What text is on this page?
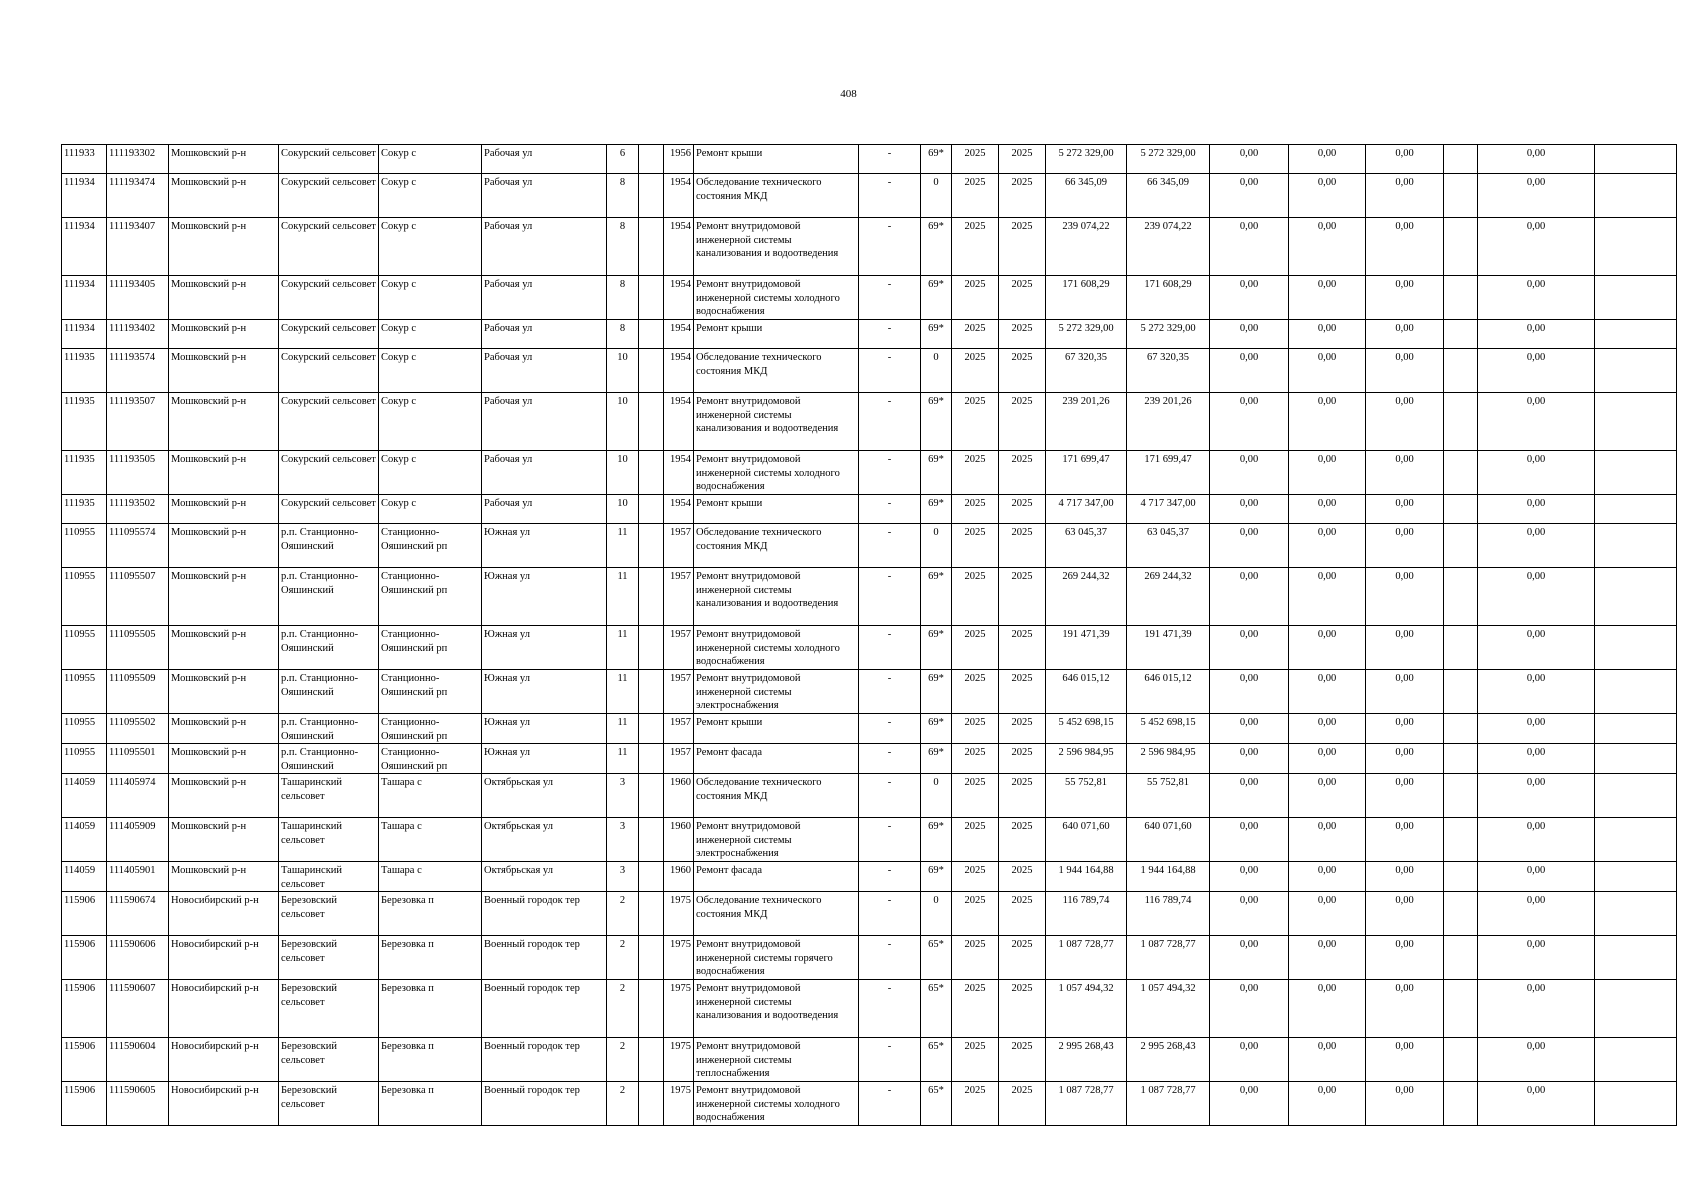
408
111933	111193302	Мошковский р-н	Сокурский сельсовет	Сокур с	Рабочая ул	6		1956	Ремонт крыши	-	69*	2025	2025	5 272 329,00	5 272 329,00	0,00	0,00	0,00		0,00	
111934	111193474	Мошковский р-н	Сокурский сельсовет	Сокур с	Рабочая ул	8		1954	Обследование технического состояния МКД	-	0	2025	2025	66 345,09	66 345,09	0,00	0,00	0,00		0,00	
111934	111193407	Мошковский р-н	Сокурский сельсовет	Сокур с	Рабочая ул	8		1954	Ремонт внутридомовой инженерной системы канализования и водоотведения	-	69*	2025	2025	239 074,22	239 074,22	0,00	0,00	0,00		0,00	
111934	111193405	Мошковский р-н	Сокурский сельсовет	Сокур с	Рабочая ул	8		1954	Ремонт внутридомовой инженерной системы холодного водоснабжения	-	69*	2025	2025	171 608,29	171 608,29	0,00	0,00	0,00		0,00	
111934	111193402	Мошковский р-н	Сокурский сельсовет	Сокур с	Рабочая ул	8		1954	Ремонт крыши	-	69*	2025	2025	5 272 329,00	5 272 329,00	0,00	0,00	0,00		0,00	
111935	111193574	Мошковский р-н	Сокурский сельсовет	Сокур с	Рабочая ул	10		1954	Обследование технического состояния МКД	-	0	2025	2025	67 320,35	67 320,35	0,00	0,00	0,00		0,00	
111935	111193507	Мошковский р-н	Сокурский сельсовет	Сокур с	Рабочая ул	10		1954	Ремонт внутридомовой инженерной системы канализования и водоотведения	-	69*	2025	2025	239 201,26	239 201,26	0,00	0,00	0,00		0,00	
111935	111193505	Мошковский р-н	Сокурский сельсовет	Сокур с	Рабочая ул	10		1954	Ремонт внутридомовой инженерной системы холодного водоснабжения	-	69*	2025	2025	171 699,47	171 699,47	0,00	0,00	0,00		0,00	
111935	111193502	Мошковский р-н	Сокурский сельсовет	Сокур с	Рабочая ул	10		1954	Ремонт крыши	-	69*	2025	2025	4 717 347,00	4 717 347,00	0,00	0,00	0,00		0,00	
110955	111095574	Мошковский р-н	р.п. Станционно-Ояшинский	Станционно-Ояшинский рп	Южная ул	11		1957	Обследование технического состояния МКД	-	0	2025	2025	63 045,37	63 045,37	0,00	0,00	0,00		0,00	
110955	111095507	Мошковский р-н	р.п. Станционно-Ояшинский	Станционно-Ояшинский рп	Южная ул	11		1957	Ремонт внутридомовой инженерной системы канализования и водоотведения	-	69*	2025	2025	269 244,32	269 244,32	0,00	0,00	0,00		0,00	
110955	111095505	Мошковский р-н	р.п. Станционно-Ояшинский	Станционно-Ояшинский рп	Южная ул	11		1957	Ремонт внутридомовой инженерной системы холодного водоснабжения	-	69*	2025	2025	191 471,39	191 471,39	0,00	0,00	0,00		0,00	
110955	111095509	Мошковский р-н	р.п. Станционно-Ояшинский	Станционно-Ояшинский рп	Южная ул	11		1957	Ремонт внутридомовой инженерной системы электроснабжения	-	69*	2025	2025	646 015,12	646 015,12	0,00	0,00	0,00		0,00	
110955	111095502	Мошковский р-н	р.п. Станционно-Ояшинский	Станционно-Ояшинский рп	Южная ул	11		1957	Ремонт крыши	-	69*	2025	2025	5 452 698,15	5 452 698,15	0,00	0,00	0,00		0,00	
110955	111095501	Мошковский р-н	р.п. Станционно-Ояшинский	Станционно-Ояшинский рп	Южная ул	11		1957	Ремонт фасада	-	69*	2025	2025	2 596 984,95	2 596 984,95	0,00	0,00	0,00		0,00	
114059	111405974	Мошковский р-н	Ташаринский сельсовет	Ташара с	Октябрьская ул	3		1960	Обследование технического состояния МКД	-	0	2025	2025	55 752,81	55 752,81	0,00	0,00	0,00		0,00	
114059	111405909	Мошковский р-н	Ташаринский сельсовет	Ташара с	Октябрьская ул	3		1960	Ремонт внутридомовой инженерной системы электроснабжения	-	69*	2025	2025	640 071,60	640 071,60	0,00	0,00	0,00		0,00	
114059	111405901	Мошковский р-н	Ташаринский сельсовет	Ташара с	Октябрьская ул	3		1960	Ремонт фасада	-	69*	2025	2025	1 944 164,88	1 944 164,88	0,00	0,00	0,00		0,00	
115906	111590674	Новосибирский р-н	Березовский сельсовет	Березовка п	Военный городок тер	2		1975	Обследование технического состояния МКД	-	0	2025	2025	116 789,74	116 789,74	0,00	0,00	0,00		0,00	
115906	111590606	Новосибирский р-н	Березовский сельсовет	Березовка п	Военный городок тер	2		1975	Ремонт внутридомовой инженерной системы горячего водоснабжения	-	65*	2025	2025	1 087 728,77	1 087 728,77	0,00	0,00	0,00		0,00	
115906	111590607	Новосибирский р-н	Березовский сельсовет	Березовка п	Военный городок тер	2		1975	Ремонт внутридомовой инженерной системы канализования и водоотведения	-	65*	2025	2025	1 057 494,32	1 057 494,32	0,00	0,00	0,00		0,00	
115906	111590604	Новосибирский р-н	Березовский сельсовет	Березовка п	Военный городок тер	2		1975	Ремонт внутридомовой инженерной системы теплоснабжения	-	65*	2025	2025	2 995 268,43	2 995 268,43	0,00	0,00	0,00		0,00	
115906	111590605	Новосибирский р-н	Березовский сельсовет	Березовка п	Военный городок тер	2		1975	Ремонт внутридомовой инженерной системы холодного водоснабжения	-	65*	2025	2025	1 087 728,77	1 087 728,77	0,00	0,00	0,00		0,00	
